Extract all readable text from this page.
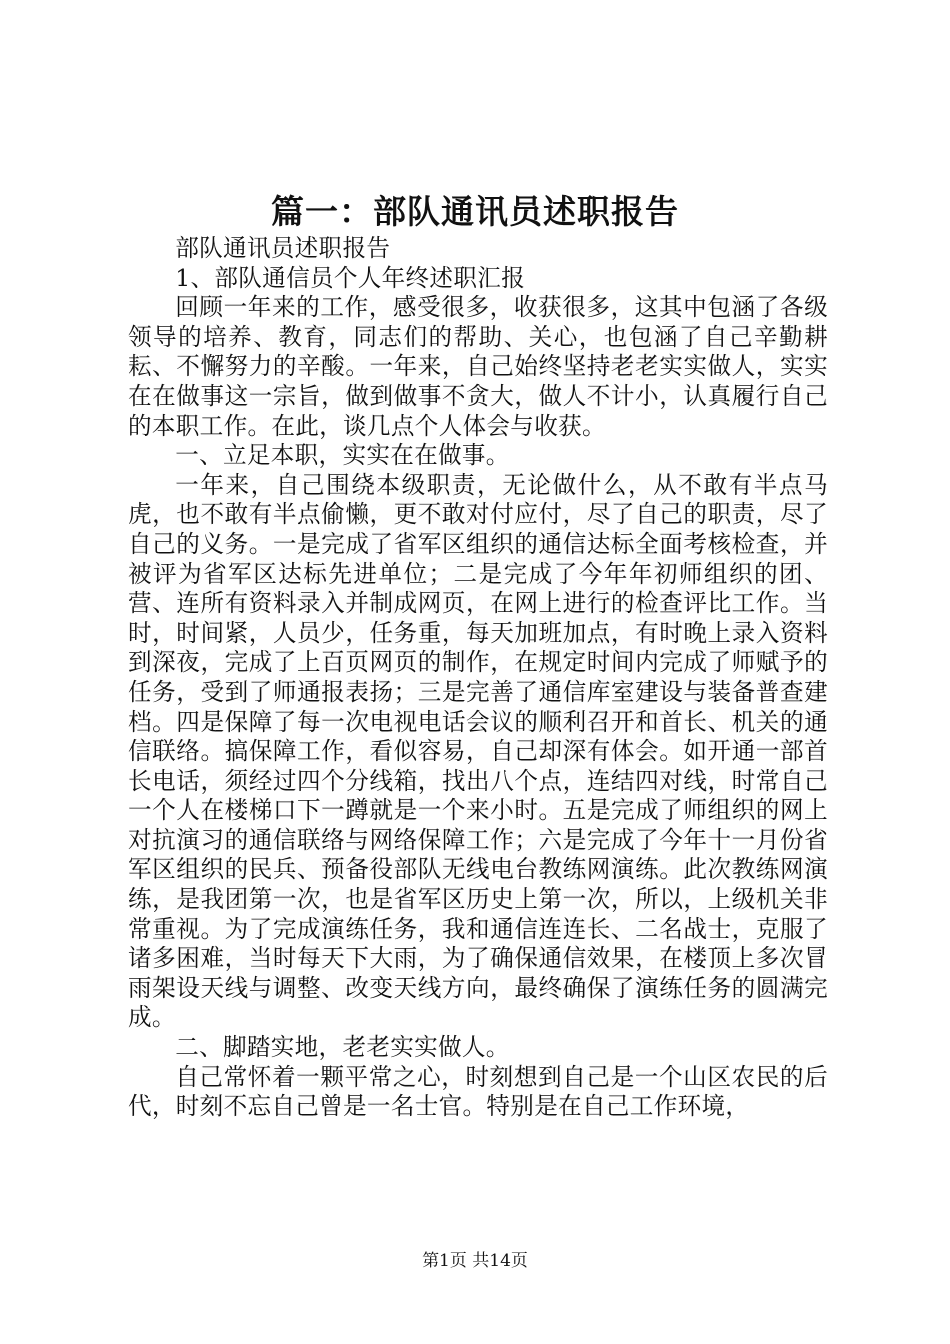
篇一：部队通讯员述职报告

部队通讯员述职报告

1、部队通信员个人年终述职汇报

回顾一年来的工作，感受很多，收获很多，这其中包涵了各级领导的培养、教育，同志们的帮助、关心，也包涵了自己辛勤耕耘、不懈努力的辛酸。一年来，自己始终坚持老老实实做人，实实在在做事这一宗旨，做到做事不贪大，做人不计小，认真履行自己的本职工作。在此，谈几点个人体会与收获。

一、立足本职，实实在在做事。

一年来，自己围绕本级职责，无论做什么，从不敢有半点马虎，也不敢有半点偷懒，更不敢对付应付，尽了自己的职责，尽了自己的义务。一是完成了省军区组织的通信达标全面考核检查，并被评为省军区达标先进单位；二是完成了今年年初师组织的团、营、连所有资料录入并制成网页，在网上进行的检查评比工作。当时，时间紧，人员少，任务重，每天加班加点，有时晚上录入资料到深夜，完成了上百页网页的制作，在规定时间内完成了师赋予的任务，受到了师通报表扬；三是完善了通信库室建设与装备普查建档。四是保障了每一次电视电话会议的顺利召开和首长、机关的通信联络。搞保障工作，看似容易，自己却深有体会。如开通一部首长电话，须经过四个分线箱，找出八个点，连结四对线，时常自己一个人在楼梯口下一蹲就是一个来小时。五是完成了师组织的网上对抗演习的通信联络与网络保障工作；六是完成了今年十一月份省军区组织的民兵、预备役部队无线电台教练网演练。此次教练网演练，是我团第一次，也是省军区历史上第一次，所以，上级机关非常重视。为了完成演练任务，我和通信连连长、二名战士，克服了诸多困难，当时每天下大雨，为了确保通信效果，在楼顶上多次冒雨架设天线与调整、改变天线方向，最终确保了演练任务的圆满完成。

二、脚踏实地，老老实实做人。

自己常怀着一颗平常之心，时刻想到自己是一个山区农民的后代，时刻不忘自己曾是一名士官。特别是在自己工作环境，

第1页 共14页
